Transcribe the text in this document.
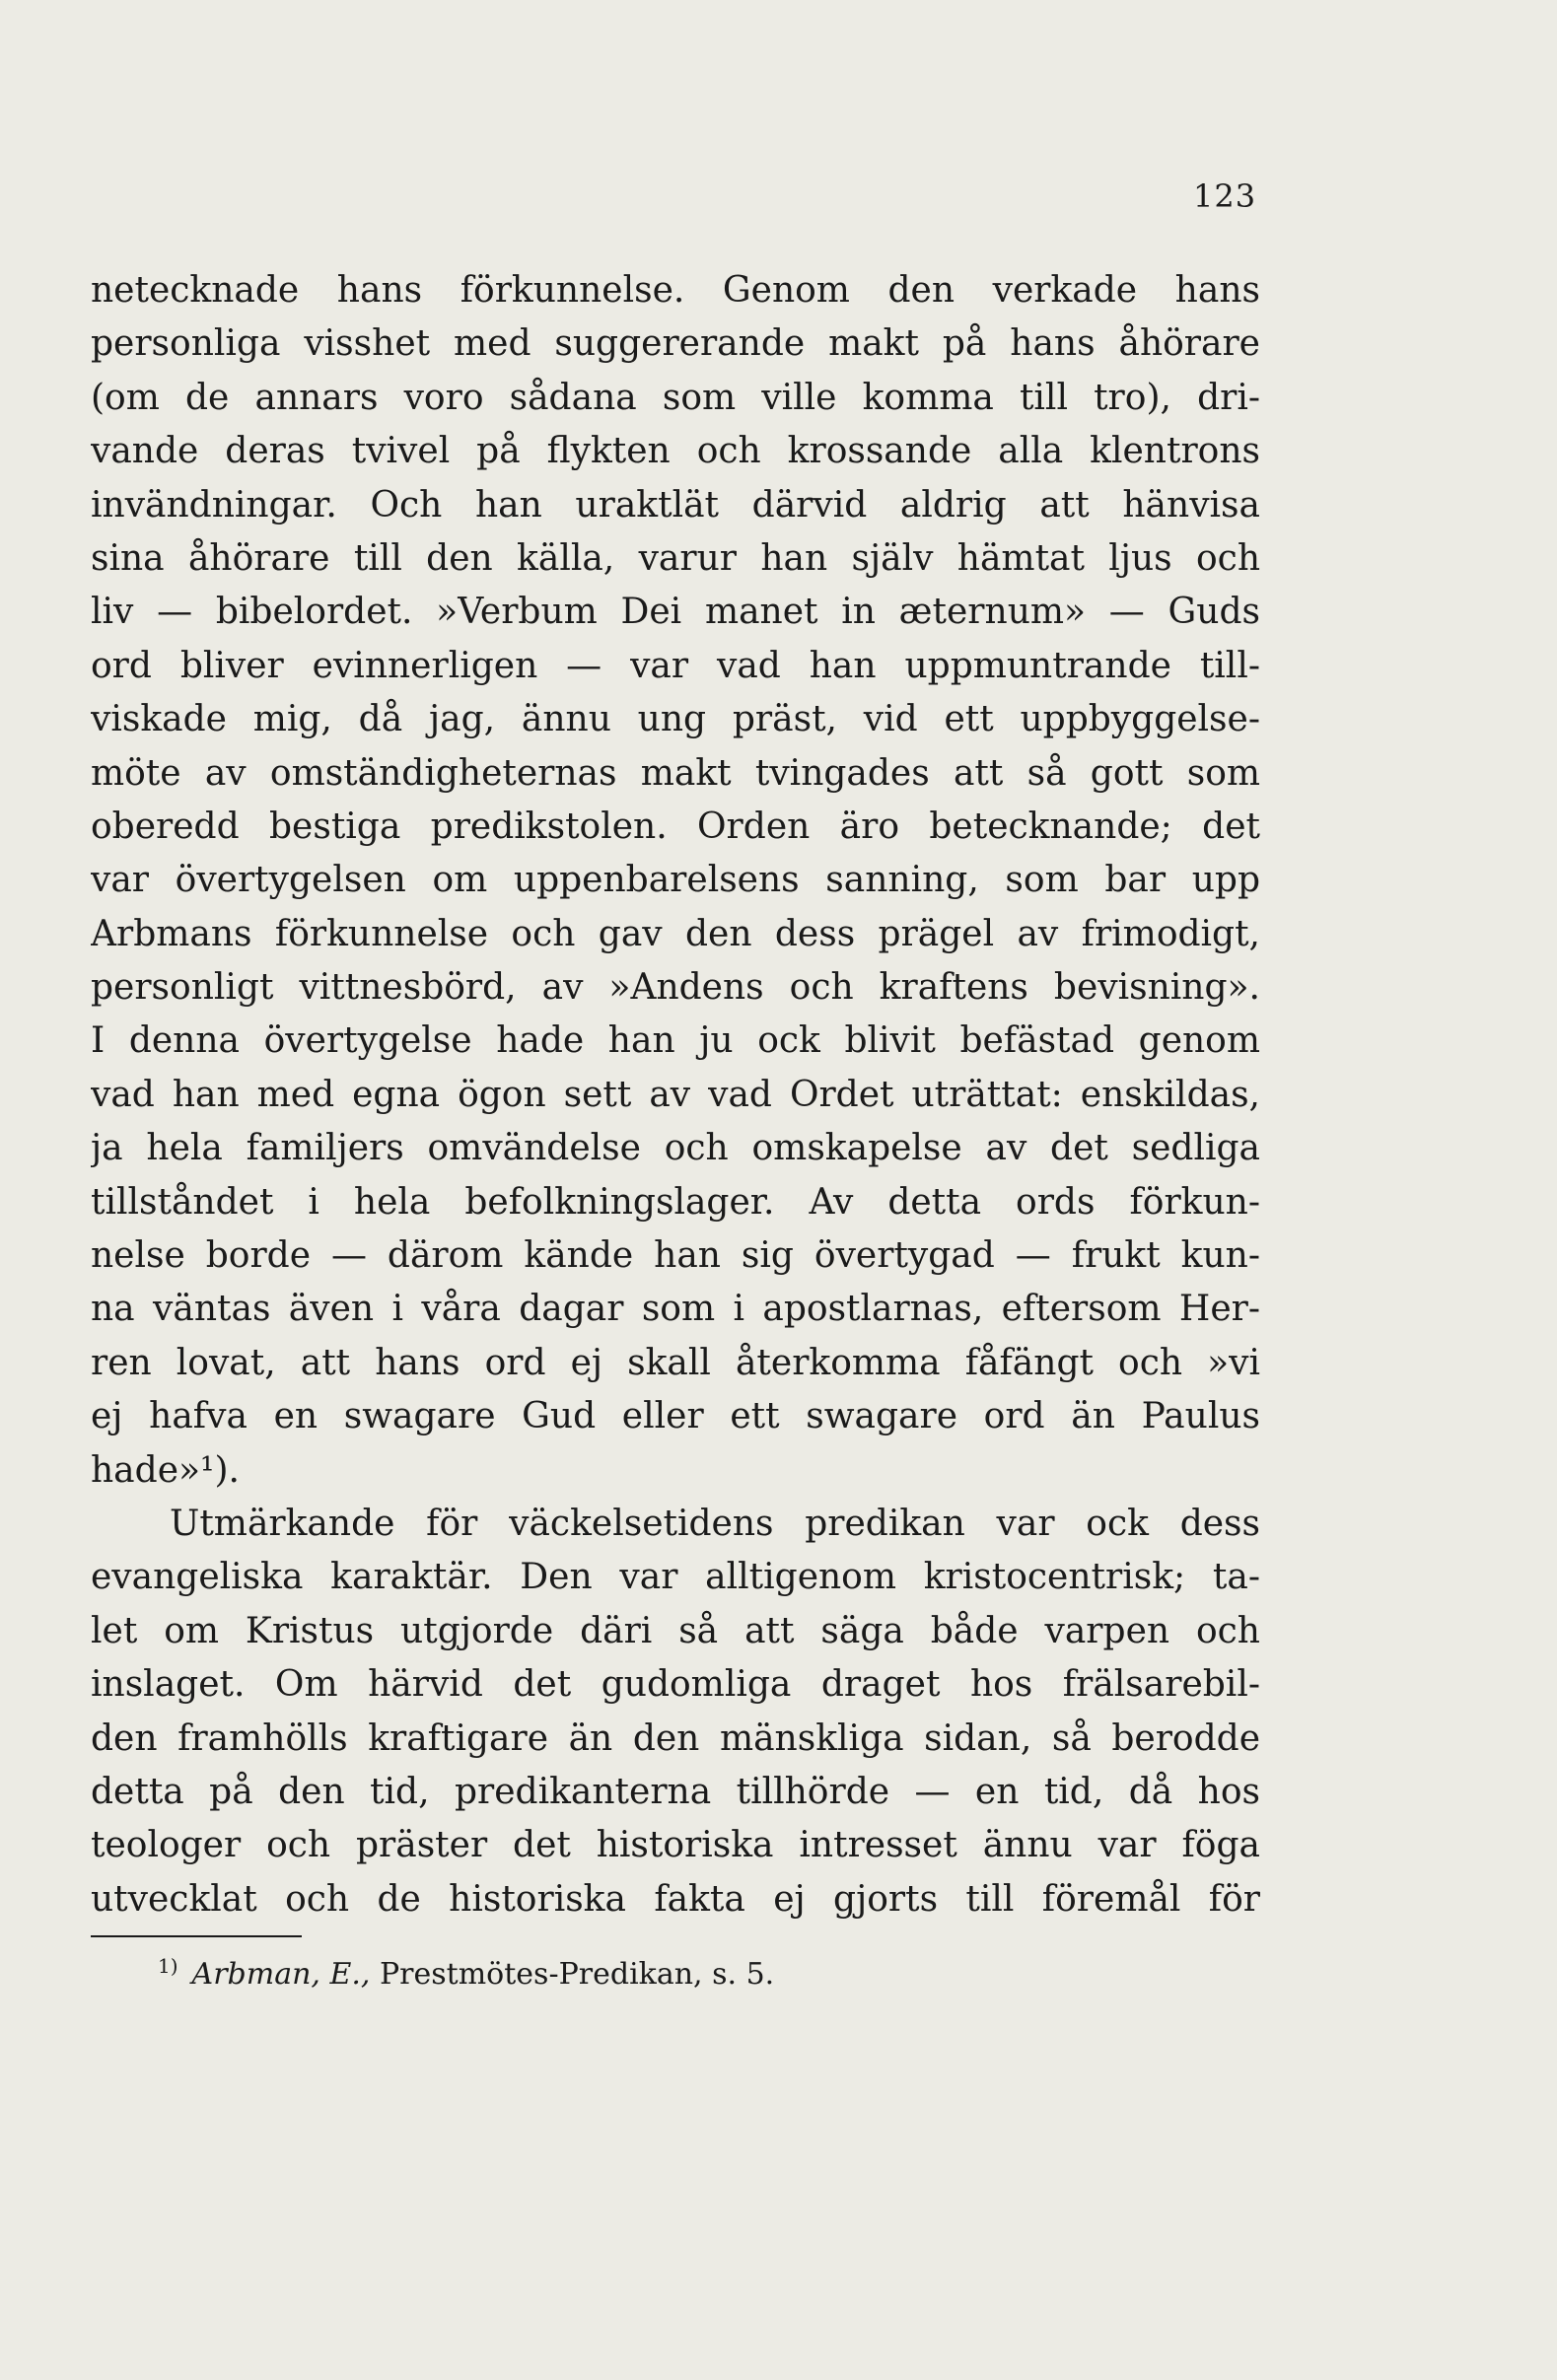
123
netecknade hans förkunnelse. Genom den verkade hans
personliga visshet med suggererande makt på hans åhörare
(om de annars voro sådana som ville komma till tro), dri-
vande deras tvivel på flykten och krossande alla klentrons
invändningar. Och han uraktlät därvid aldrig att hänvisa
sina åhörare till den källa, varur han själv hämtat ljus och
liv — bibelordet. »Verbum Dei manet in æternum» — Guds
ord bliver evinnerligen — var vad han uppmuntrande till-
viskade mig, då jag, ännu ung präst, vid ett uppbyggelse-
möte av omständigheternas makt tvingades att så gott som
oberedd bestiga predikstolen. Orden äro betecknande; det
var övertygelsen om uppenbarelsens sanning, som bar upp
Arbmans förkunnelse och gav den dess prägel av frimodigt,
personligt vittnesbörd, av »Andens och kraftens bevisning».
I denna övertygelse hade han ju ock blivit befästad genom
vad han med egna ögon sett av vad Ordet uträttat: enskildas,
ja hela familjers omvändelse och omskapelse av det sedliga
tillståndet i hela befolkningslager. Av detta ords förkun-
nelse borde — därom kände han sig övertygad — frukt kun-
na väntas även i våra dagar som i apostlarnas, eftersom Her-
ren lovat, att hans ord ej skall återkomma fåfängt och »vi
ej hafva en swagare Gud eller ett swagare ord än Paulus
hade»¹).
Utmärkande för väckelsetidens predikan var ock dess
evangeliska karaktär. Den var alltigenom kristocentrisk; ta-
let om Kristus utgjorde däri så att säga både varpen och
inslaget. Om härvid det gudomliga draget hos frälsarebil-
den framhölls kraftigare än den mänskliga sidan, så berodde
detta på den tid, predikanterna tillhörde — en tid, då hos
teologer och präster det historiska intresset ännu var föga
utvecklat och de historiska fakta ej gjorts till föremål för
$^{1)}$ Arbman, E., Prestmötes-Predikan, s. 5.
